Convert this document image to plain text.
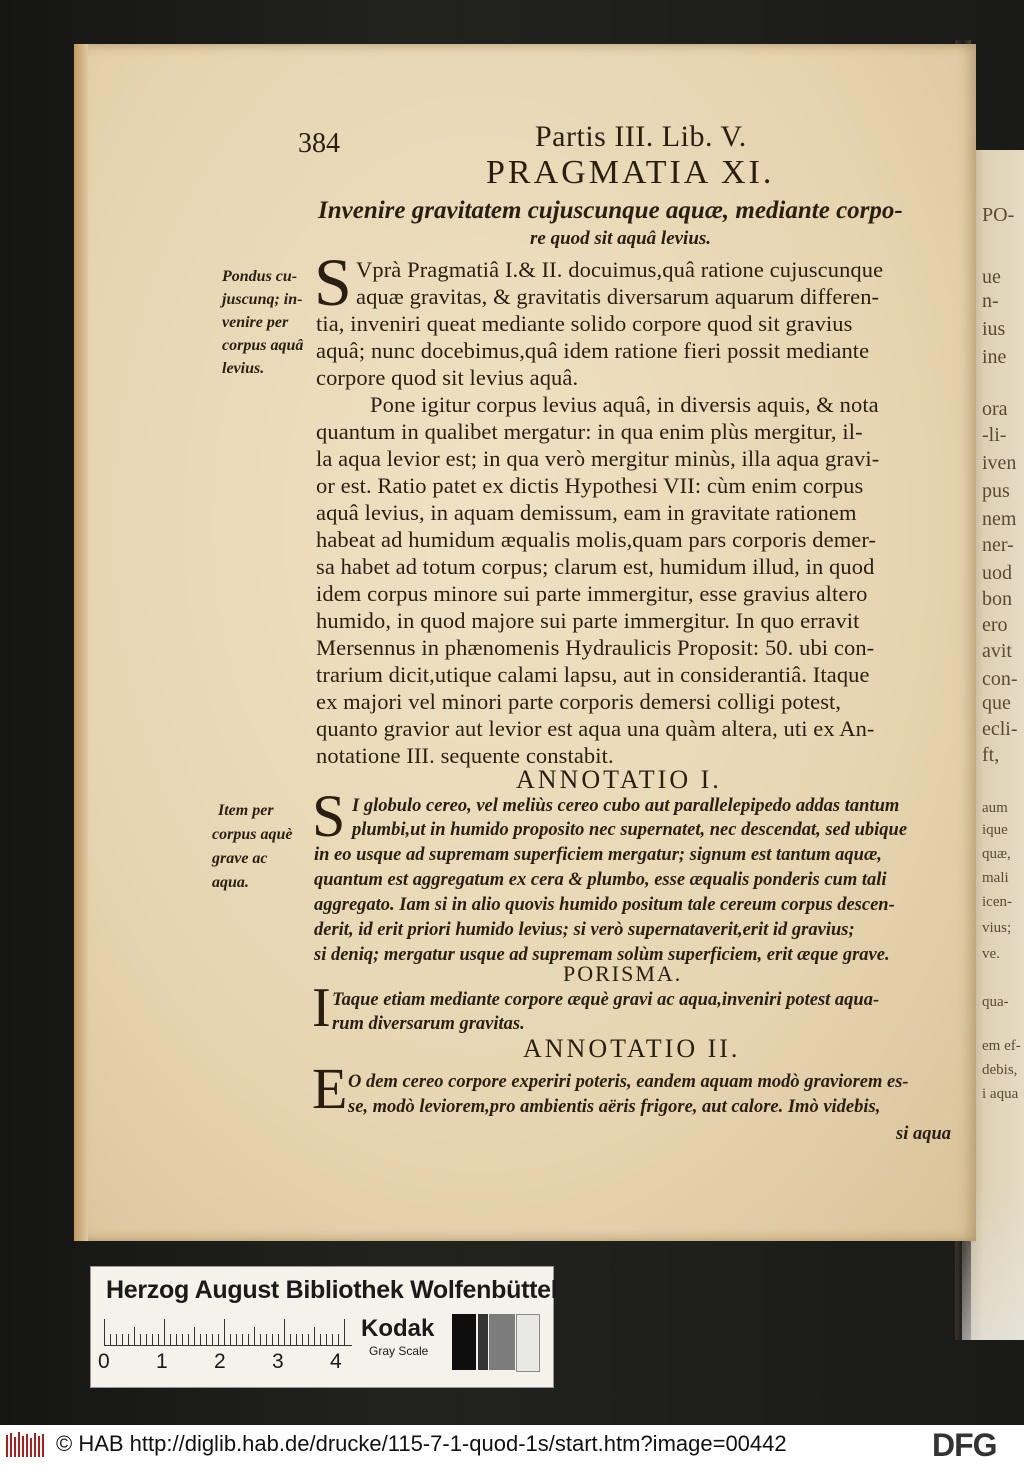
PO-
ue
n-
ius
ine
ora
-li-
iven
pus
nem
ner-
uod
bon
ero
avit
con-
que
ecli-
ft,
aum
ique
quæ,
mali
icen-
vius;
ve.
qua-
em ef-
debis,
i aqua
384	Partis III. Lib. V.
PRAGMATIA XI.
Invenire gravitatem cujuscunque aquæ, mediante corpo-
re quod sit aquâ levius.
Pondus cu-
juscunq; in-
venire per
corpus aquâ
levius.
Item per
corpus aquè
grave ac
aqua.
S Vprà Pragmatiâ I.& II. docuimus,quâ ratione cujuscunque
aquæ gravitas, & gravitatis diversarum aquarum differen-
tia, inveniri queat mediante solido corpore quod sit gravius
aquâ; nunc docebimus,quâ idem ratione fieri possit mediante
corpore quod sit levius aquâ.
Pone igitur corpus levius aquâ, in diversis aquis, & nota
quantum in qualibet mergatur: in qua enim plùs mergitur, il-
la aqua levior est; in qua verò mergitur minùs, illa aqua gravi-
or est. Ratio patet ex dictis Hypothesi VII: cùm enim corpus
aquâ levius, in aquam demissum, eam in gravitate rationem
habeat ad humidum æqualis molis,quam pars corporis demer-
sa habet ad totum corpus; clarum est, humidum illud, in quod
idem corpus minore sui parte immergitur, esse gravius altero
humido, in quod majore sui parte immergitur. In quo erravit
Mersennus in phænomenis Hydraulicis Proposit: 50. ubi con-
trarium dicit,utique calami lapsu, aut in considerantiâ. Itaque
ex majori vel minori parte corporis demersi colligi potest,
quanto gravior aut levior est aqua una quàm altera, uti ex An-
notatione III. sequente constabit.
ANNOTATIO I.
S I globulo cereo, vel meliùs cereo cubo aut parallelepipedo addas tantum
plumbi,ut in humido proposito nec supernatet, nec descendat, sed ubique
in eo usque ad supremam superficiem mergatur; signum est tantum aquæ,
quantum est aggregatum ex cera & plumbo, esse æqualis ponderis cum tali
aggregato. Iam si in alio quovis humido positum tale cereum corpus descen-
derit, id erit priori humido levius; si verò supernataverit,erit id gravius;
si deniq; mergatur usque ad supremam solùm superficiem, erit æque grave.
PORISMA.
I Taque etiam mediante corpore æquè gravi ac aqua,inveniri potest aqua-
rum diversarum gravitas.
ANNOTATIO II.
E O dem cereo corpore experiri poteris, eandem aquam modò graviorem es-
se, modò leviorem,pro ambientis aëris frigore, aut calore. Imò videbis,
si aqua
Herzog August Bibliothek Wolfenbüttel
0 1 2 3 4
Kodak
Gray Scale
© HAB http://diglib.hab.de/drucke/115-7-1-quod-1s/start.htm?image=00442	DFG
